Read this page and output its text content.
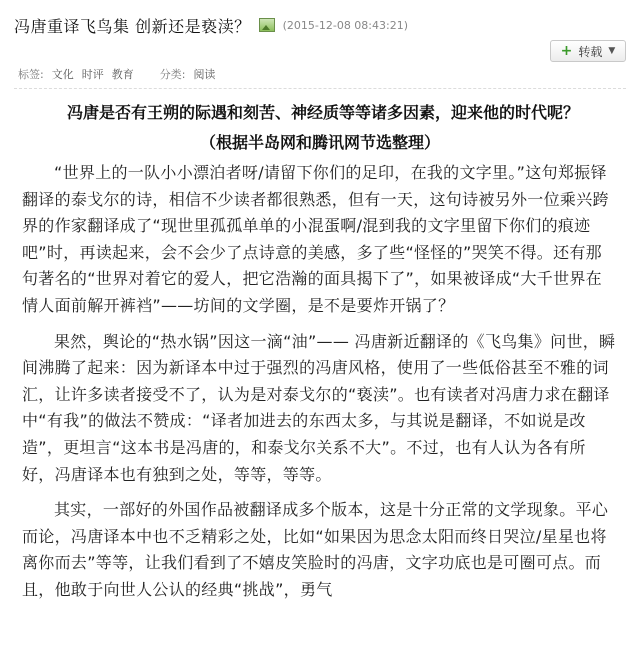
冯唐重译飞鸟集 创新还是亵渎？	(2015-12-08 08:43:21)
+ 转载 ▼
标签: 文化 时评 教育 分类: 阅读
冯唐是否有王朔的际遇和刻苦、神经质等等诸多因素，迎来他的时代呢？
（根据半岛网和腾讯网节选整理）

“世界上的一队小小漂泊者呀/请留下你们的足印，在我的文字里。”这句郑振铎翻译的泰戈尔的诗，相信不少读者都很熟悉，但有一天，这句诗被另外一位乘兴跨界的作家翻译成了“现世里孤孤单单的小混蛋啊/混到我的文字里留下你们的痕迹吧”时，再读起来，会不会少了点诗意的美感，多了些“怪怪的”哭笑不得。还有那句著名的“世界对着它的爱人，把它浩瀚的面具揭下了”，如果被译成“大千世界在情人面前解开裤裆”——坊间的文学圈，是不是要炸开锅了？

果然，舆论的“热水锅”因这一滴“油”—— 冯唐新近翻译的《飞鸟集》问世，瞬间沸腾了起来：因为新译本中过于强烈的冯唐风格，使用了一些低俗甚至不雅的词汇，让许多读者接受不了，认为是对泰戈尔的“亵渎”。也有读者对冯唐力求在翻译中“有我”的做法不赞成：“译者加进去的东西太多，与其说是翻译，不如说是改造”，更坦言“这本书是冯唐的，和泰戈尔关系不大”。不过，也有人认为各有所好，冯唐译本也有独到之处，等等，等等。

其实，一部好的外国作品被翻译成多个版本，这是十分正常的文学现象。平心而论，冯唐译本中也不乏精彩之处，比如“如果因为思念太阳而终日哭泣/星星也将离你而去”等等，让我们看到了不嬉皮笑脸时的冯唐，文字功底也是可圈可点。而且，他敢于向世人公认的经典“挑战”，勇气
